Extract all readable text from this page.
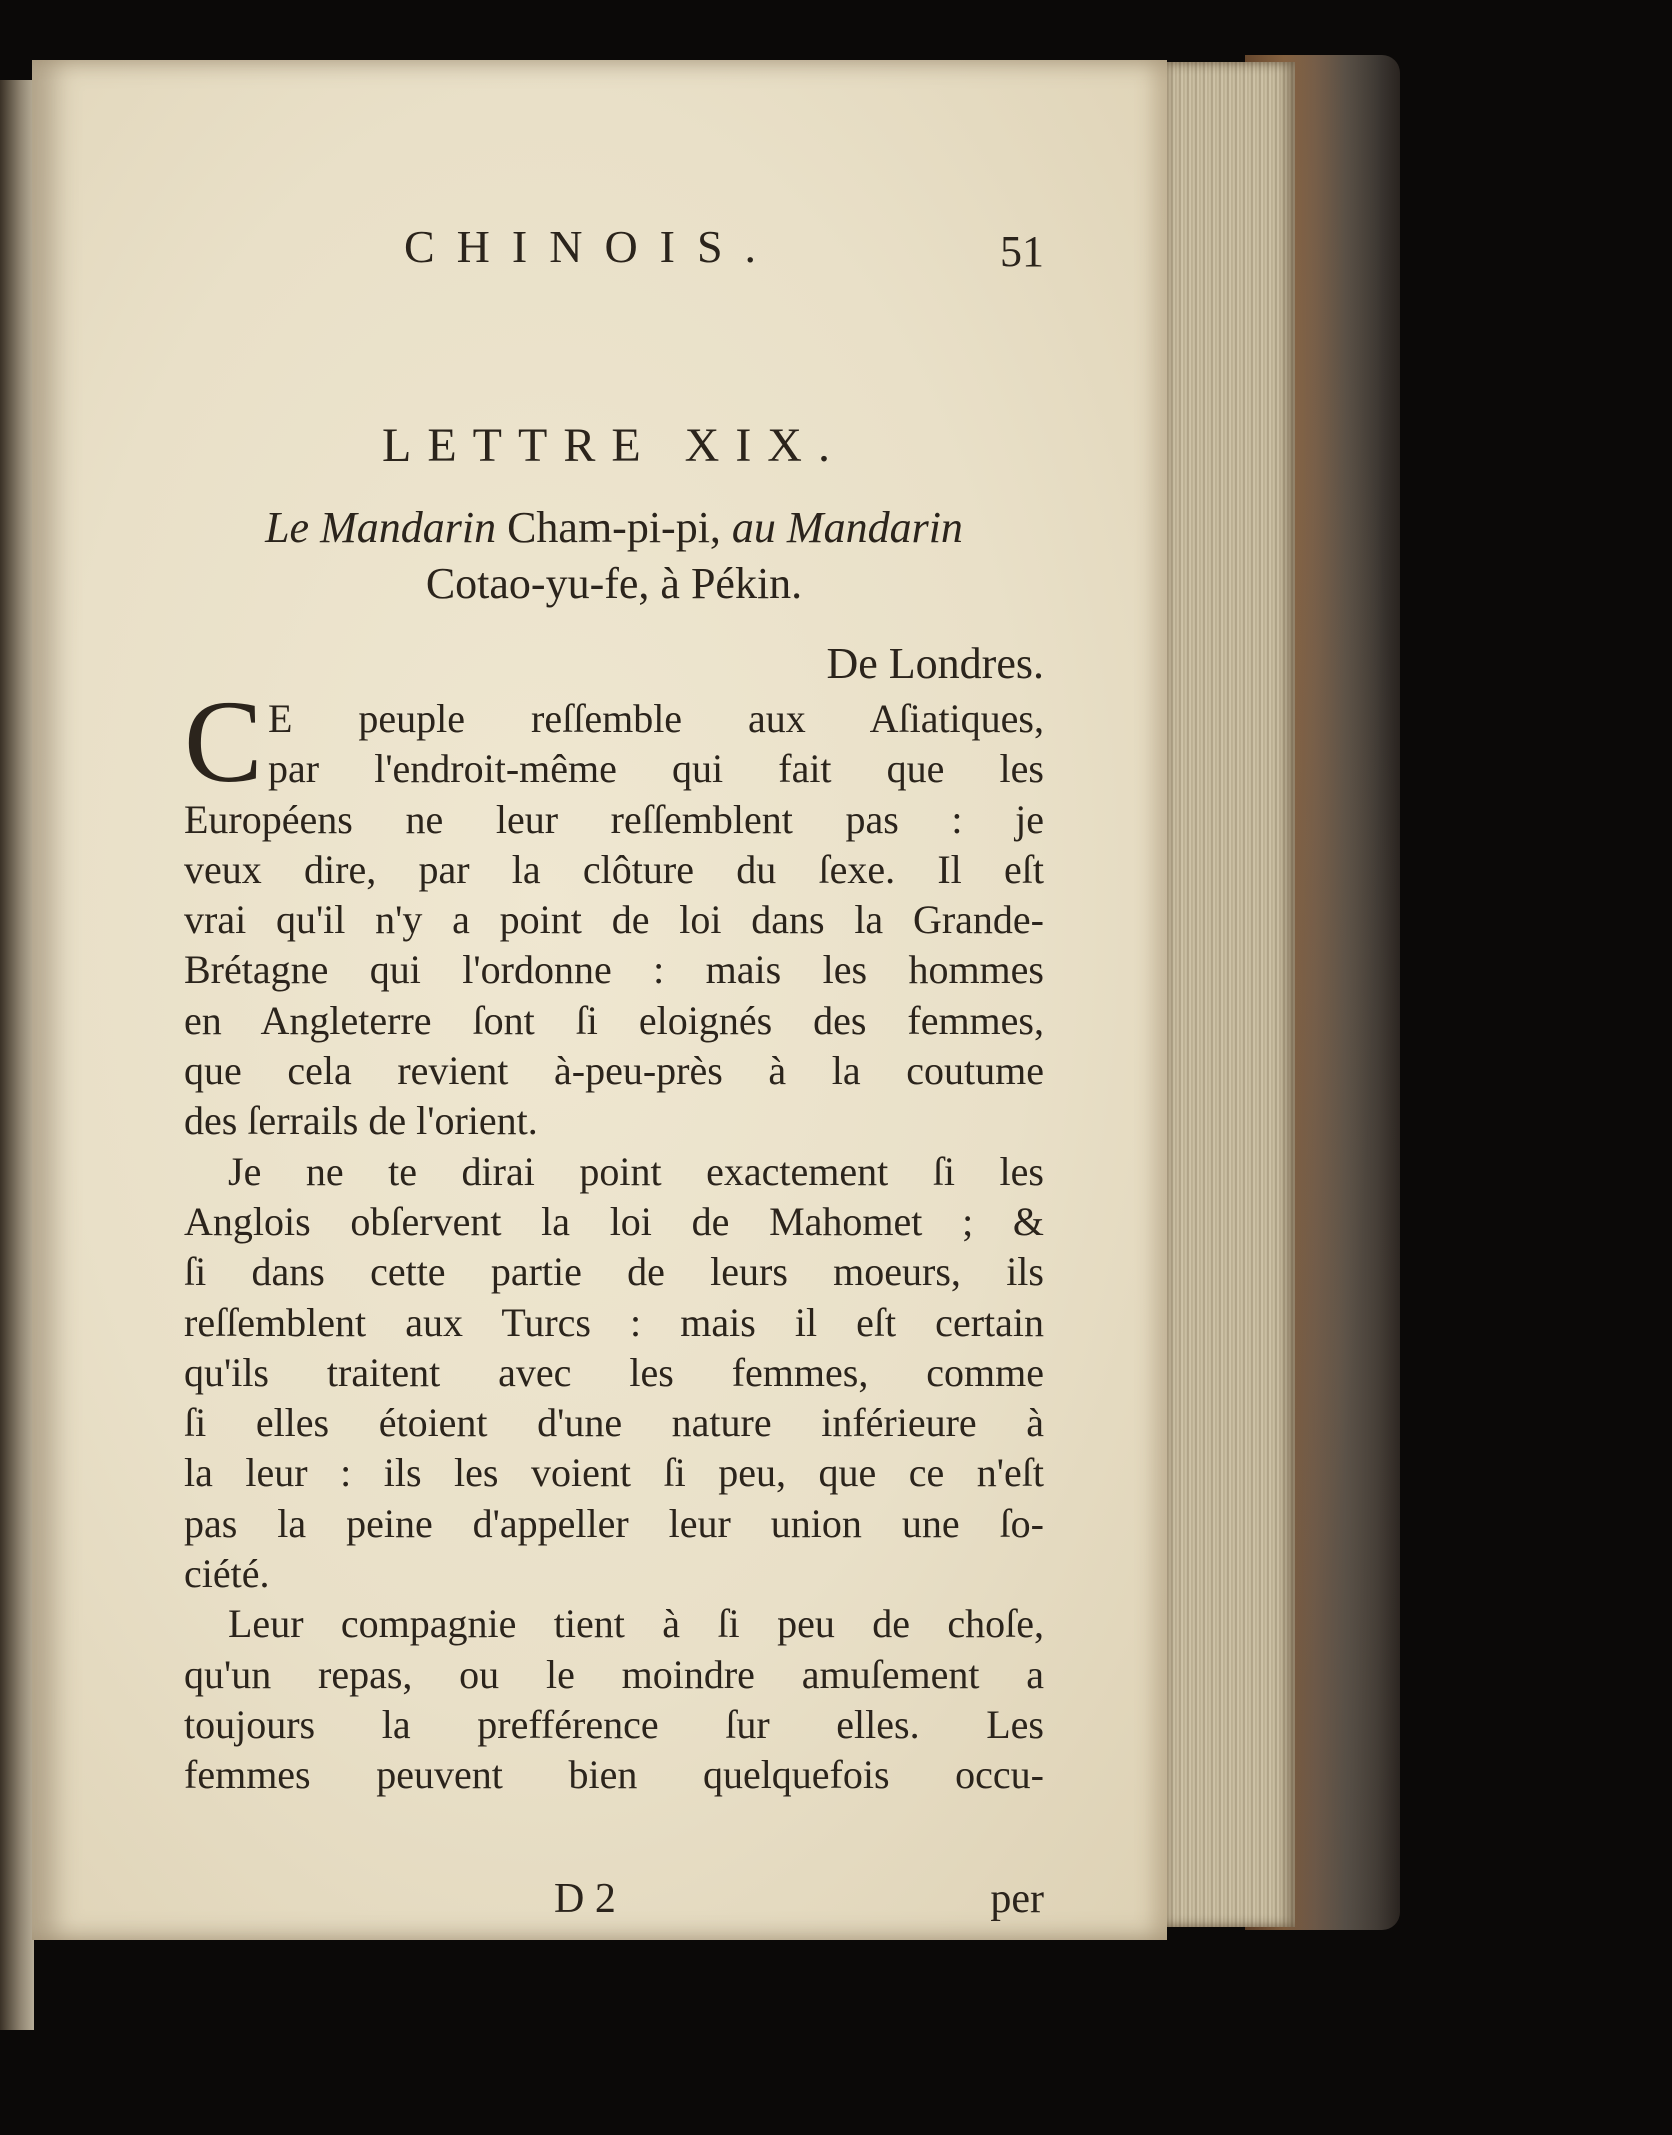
CHINOIS.	51
LETTRE XIX.
Le Mandarin Cham-pi-pi, au Mandarin
Cotao-yu-fe, à Pékin.
De Londres.
C E peuple reſſemble aux Aſiatiques,
par l'endroit-même qui fait que les
Européens ne leur reſſemblent pas : je
veux dire, par la clôture du ſexe. Il eſt
vrai qu'il n'y a point de loi dans la Grande-
Brétagne qui l'ordonne : mais les hommes
en Angleterre ſont ſi eloignés des femmes,
que cela revient à-peu-près à la coutume
des ſerrails de l'orient.
Je ne te dirai point exactement ſi les
Anglois obſervent la loi de Mahomet ; &
ſi dans cette partie de leurs moeurs, ils
reſſemblent aux Turcs : mais il eſt certain
qu'ils traitent avec les femmes, comme
ſi elles étoient d'une nature inférieure à
la leur : ils les voient ſi peu, que ce n'eſt
pas la peine d'appeller leur union une ſo-
ciété.
Leur compagnie tient à ſi peu de choſe,
qu'un repas, ou le moindre amuſement a
toujours la prefférence ſur elles. Les
femmes peuvent bien quelquefois occu-
D 2	per
